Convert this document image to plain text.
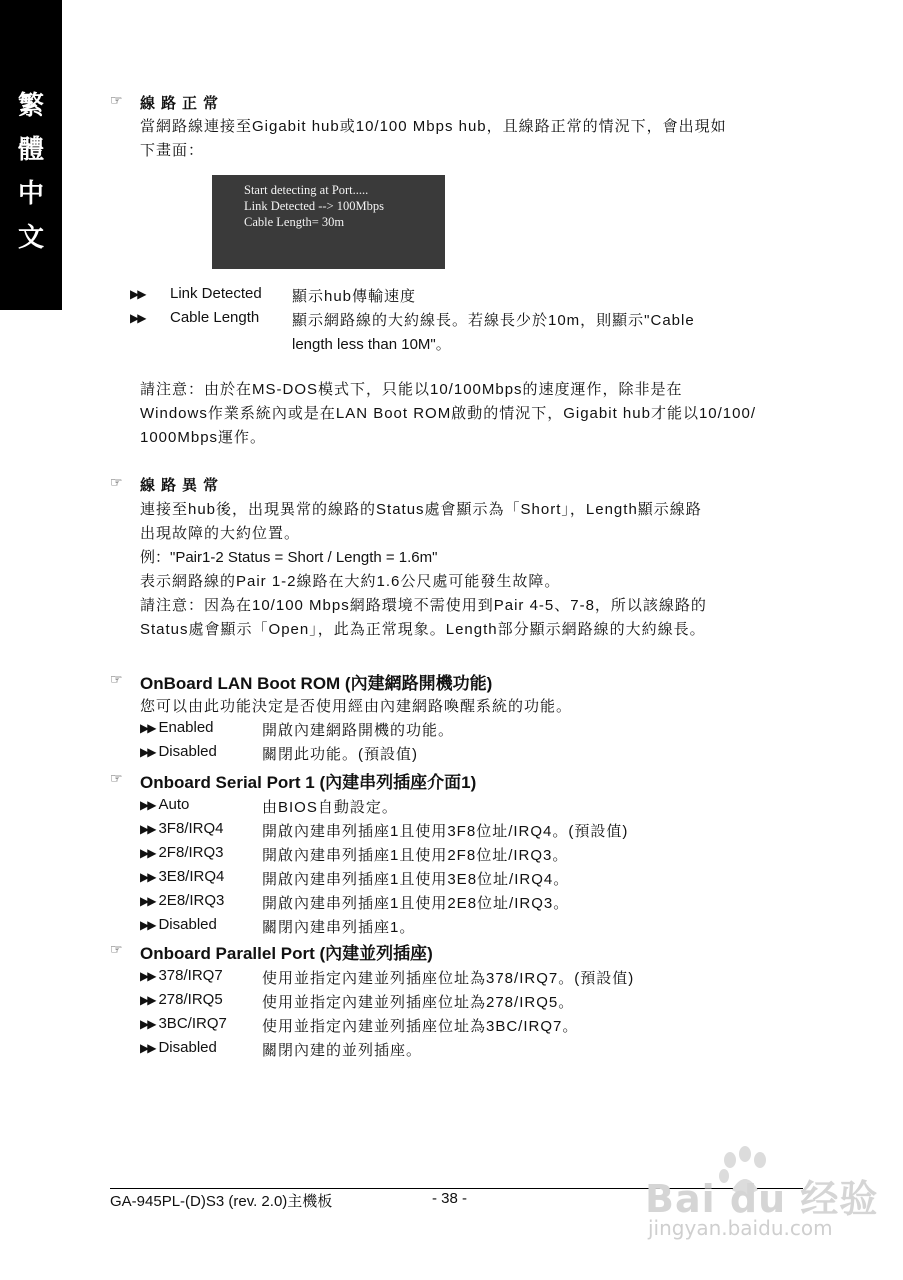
繁
體
中
文
☞ 線路正常
當網路線連接至Gigabit hub或10/100 Mbps hub，且線路正常的情況下，會出現如
下畫面：
Start detecting at Port.....
Link Detected --> 100Mbps
Cable Length= 30m
▶▶ Link Detected 顯示hub傳輸速度
▶▶ Cable Length 顯示網路線的大約線長。若線長少於10m，則顯示"Cable
length less than 10M"。
請注意：由於在MS-DOS模式下，只能以10/100Mbps的速度運作，除非是在
Windows作業系統內或是在LAN Boot ROM啟動的情況下，Gigabit hub才能以10/100/
1000Mbps運作。
☞ 線路異常
連接至hub後，出現異常的線路的Status處會顯示為「Short」，Length顯示線路
出現故障的大約位置。
例："Pair1-2 Status = Short / Length = 1.6m"
表示網路線的Pair 1-2線路在大約1.6公尺處可能發生故障。
請注意：因為在10/100 Mbps網路環境不需使用到Pair 4-5、7-8，所以該線路的
Status處會顯示「Open」，此為正常現象。Length部分顯示網路線的大約線長。
☞ OnBoard LAN Boot ROM (內建網路開機功能)
您可以由此功能決定是否使用經由內建網路喚醒系統的功能。
▶▶ Enabled	開啟內建網路開機的功能。
▶▶ Disabled	關閉此功能。(預設值)
☞ Onboard Serial Port 1 (內建串列插座介面1)
▶▶ Auto	由BIOS自動設定。
▶▶ 3F8/IRQ4	開啟內建串列插座1且使用3F8位址/IRQ4。(預設值)
▶▶ 2F8/IRQ3	開啟內建串列插座1且使用2F8位址/IRQ3。
▶▶ 3E8/IRQ4	開啟內建串列插座1且使用3E8位址/IRQ4。
▶▶ 2E8/IRQ3	開啟內建串列插座1且使用2E8位址/IRQ3。
▶▶ Disabled	關閉內建串列插座1。
☞ Onboard Parallel Port (內建並列插座)
▶▶ 378/IRQ7	使用並指定內建並列插座位址為378/IRQ7。(預設值)
▶▶ 278/IRQ5	使用並指定內建並列插座位址為278/IRQ5。
▶▶ 3BC/IRQ7 使用並指定內建並列插座位址為3BC/IRQ7。
▶▶ Disabled	關閉內建的並列插座。
GA-945PL-(D)S3 (rev. 2.0)主機板	- 38 -	Bai du 经验
jingyan.baidu.com
